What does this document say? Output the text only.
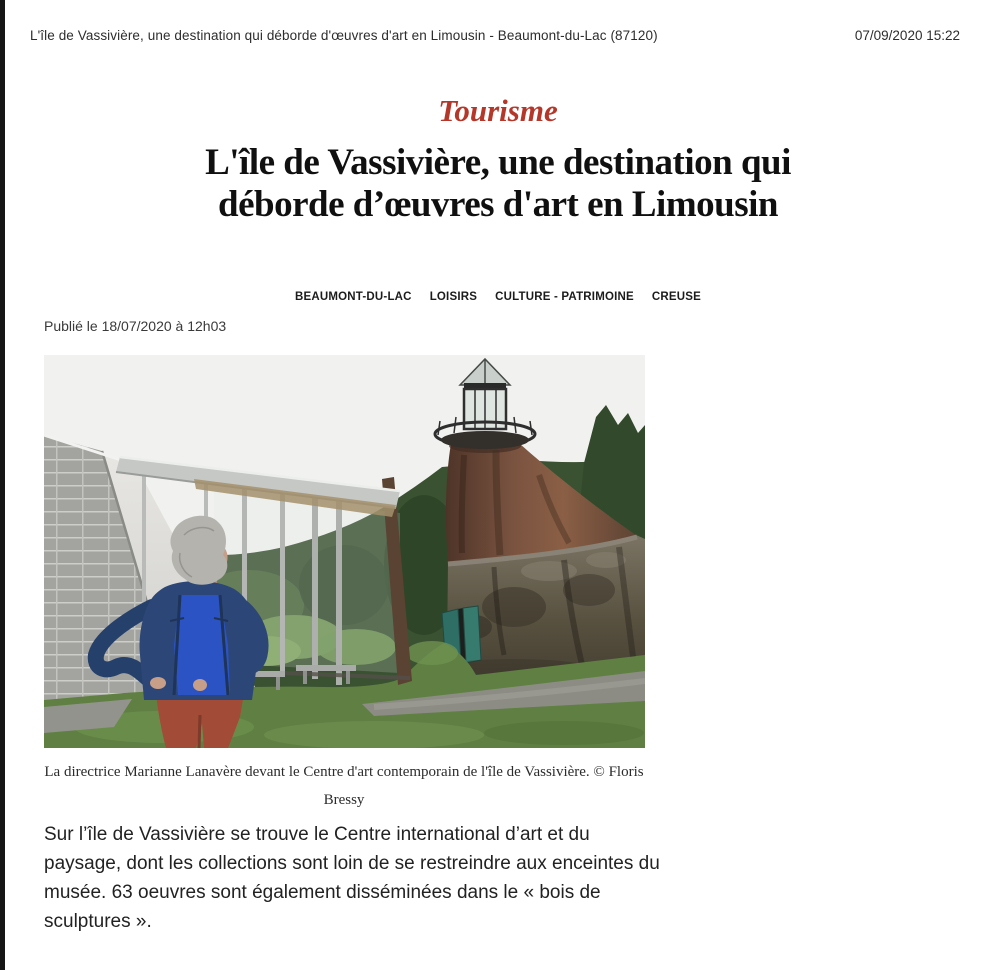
L'île de Vassivière, une destination qui déborde d'œuvres d'art en Limousin - Beaumont-du-Lac (87120)	07/09/2020 15:22
Tourisme
L'île de Vassivière, une destination qui déborde d’œuvres d'art en Limousin
BEAUMONT-DU-LAC LOISIRS CULTURE - PATRIMOINE CREUSE
Publié le 18/07/2020 à 12h03
La directrice Marianne Lanavère devant le Centre d'art contemporain de l'île de Vassivière. © Floris Bressy

Sur l’île de Vassivière se trouve le Centre international d’art et du paysage, dont les collections sont loin de se restreindre aux enceintes du musée. 63 oeuvres sont également disséminées dans le « bois de sculptures ».
